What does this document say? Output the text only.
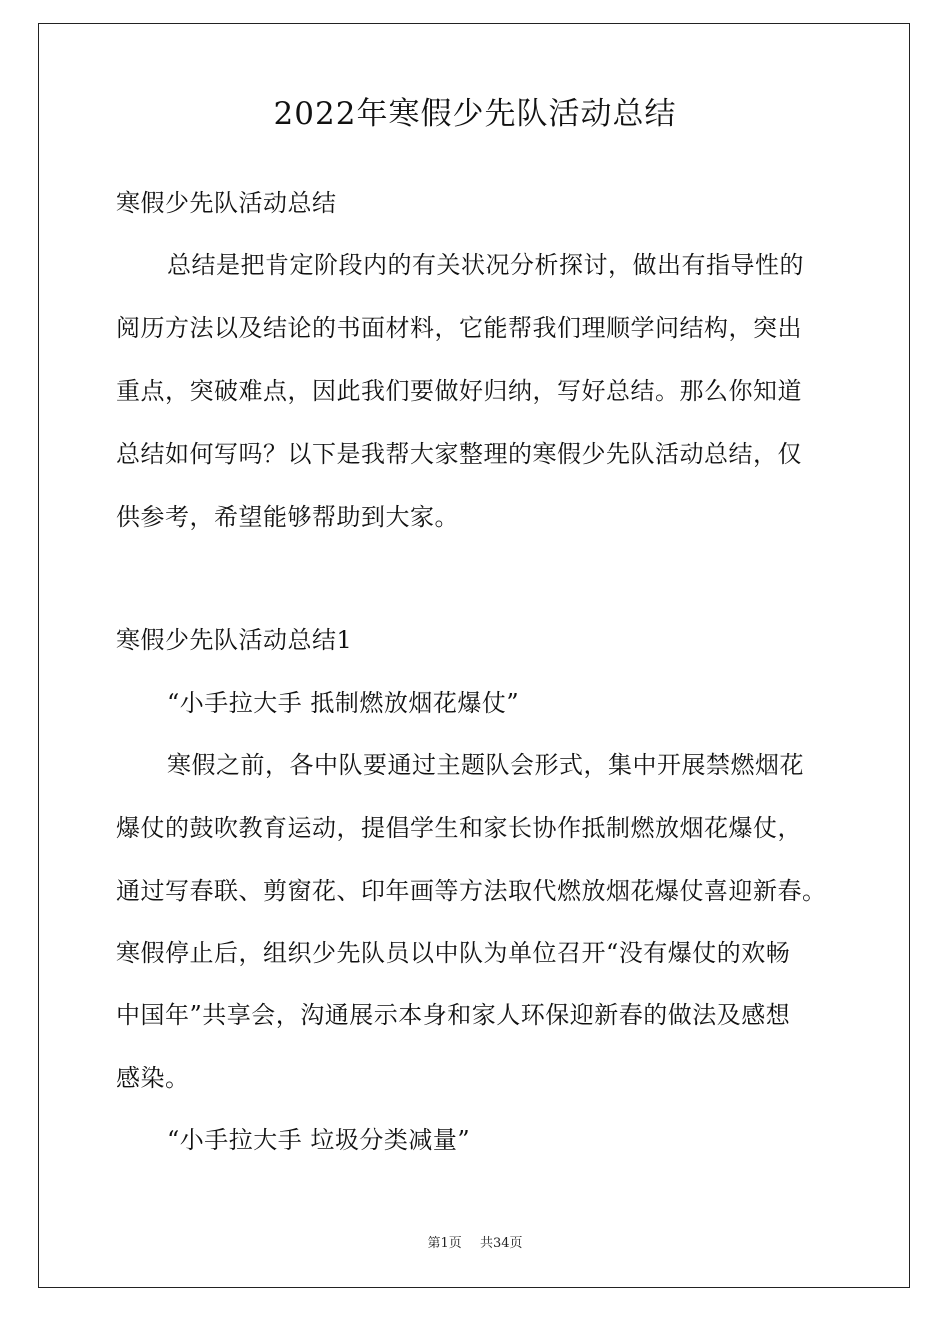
2022年寒假少先队活动总结
寒假少先队活动总结
总结是把肯定阶段内的有关状况分析探讨，做出有指导性的
阅历方法以及结论的书面材料，它能帮我们理顺学问结构，突出
重点，突破难点，因此我们要做好归纳，写好总结。那么你知道
总结如何写吗？以下是我帮大家整理的寒假少先队活动总结，仅
供参考，希望能够帮助到大家。
寒假少先队活动总结1
“小手拉大手 抵制燃放烟花爆仗”
寒假之前，各中队要通过主题队会形式，集中开展禁燃烟花
爆仗的鼓吹教育运动，提倡学生和家长协作抵制燃放烟花爆仗，
通过写春联、剪窗花、印年画等方法取代燃放烟花爆仗喜迎新春。
寒假停止后，组织少先队员以中队为单位召开“没有爆仗的欢畅
中国年”共享会，沟通展示本身和家人环保迎新春的做法及感想
感染。
“小手拉大手 垃圾分类减量”
第1页 共34页
